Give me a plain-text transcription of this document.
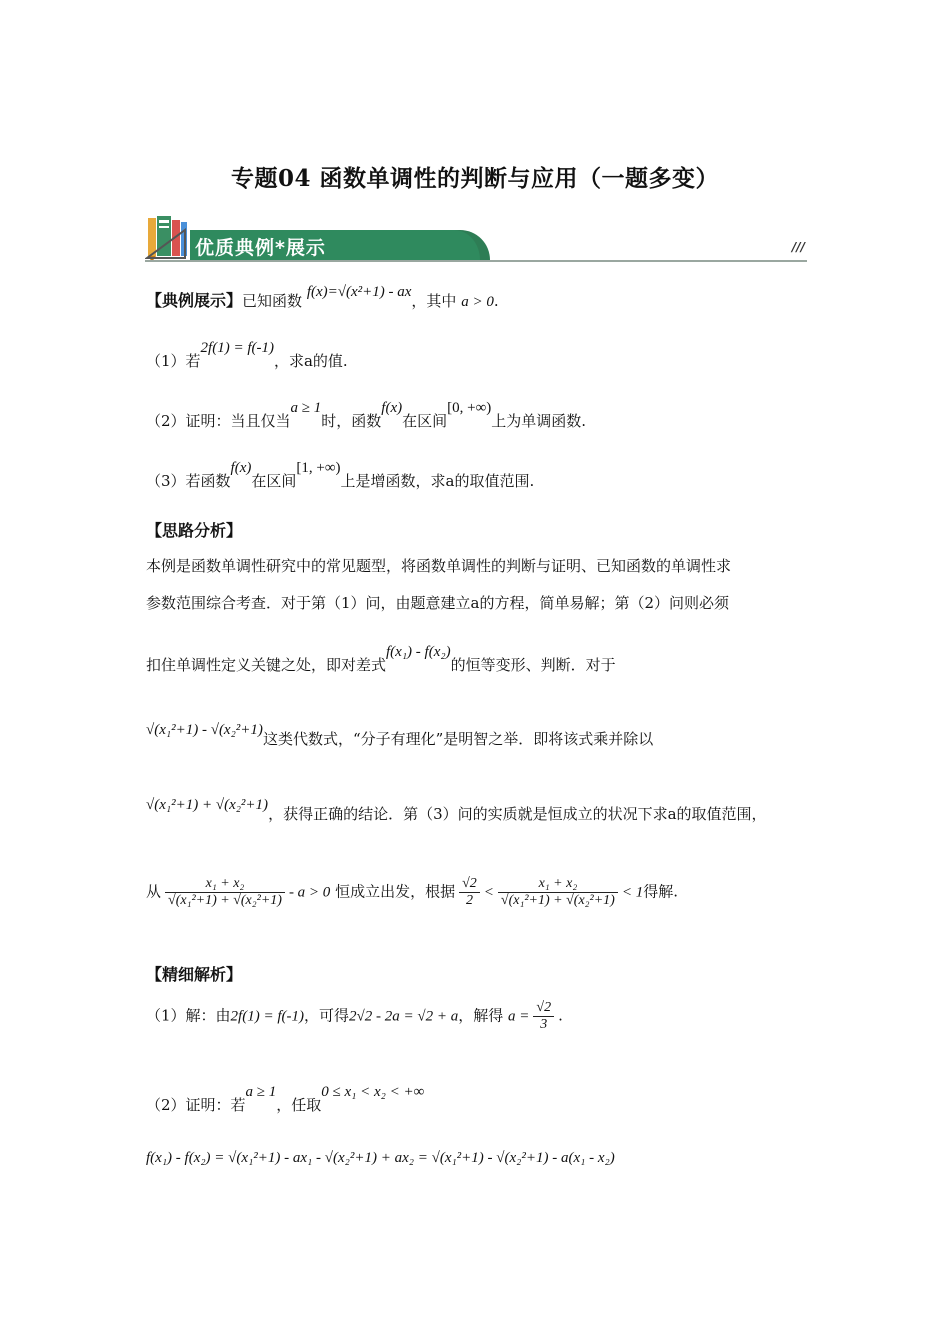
专题04 函数单调性的判断与应用（一题多变）
优质典例*展示	///
【典例展示】已知函数 f(x)=√(x²+1) - ax，其中 a > 0.
（1）若2f(1) = f(-1)，求a的值.
（2）证明：当且仅当a ≥ 1时，函数f(x)在区间[0, +∞)上为单调函数.
（3）若函数f(x)在区间[1, +∞)上是增函数，求a的取值范围.
【思路分析】
本例是函数单调性研究中的常见题型，将函数单调性的判断与证明、已知函数的单调性求
参数范围综合考查．对于第（1）问，由题意建立a的方程，简单易解；第（2）问则必须
扣住单调性定义关键之处，即对差式f(x₁) - f(x₂)的恒等变形、判断．对于
√(x₁²+1) - √(x₂²+1)这类代数式，“分子有理化”是明智之举．即将该式乘并除以
√(x₁²+1) + √(x₂²+1)，获得正确的结论．第（3）问的实质就是恒成立的状况下求a的取值范围，
从 $\frac{\text{x₁ + x₂}}{\text{√(x₁²+1) + √(x₂²+1)}} - a > 0$ 恒成立出发，根据 $\frac{√2}{2} < \frac{\text{x₁ + x₂}}{\text{√(x₁²+1) + √(x₂²+1)}} < 1$得解.
【精细解析】
（1）解：由2f(1) = f(-1)，可得2√2 - 2a = √2 + a，解得 $a = \frac{√2}{3}$ .
（2）证明：若a ≥ 1，任取0 ≤ x₁ < x₂ < +∞
f(x₁) - f(x₂) = √(x₁²+1) - ax₁ - √(x₂²+1) + ax₂ = √(x₁²+1) - √(x₂²+1) - a(x₁ - x₂)
